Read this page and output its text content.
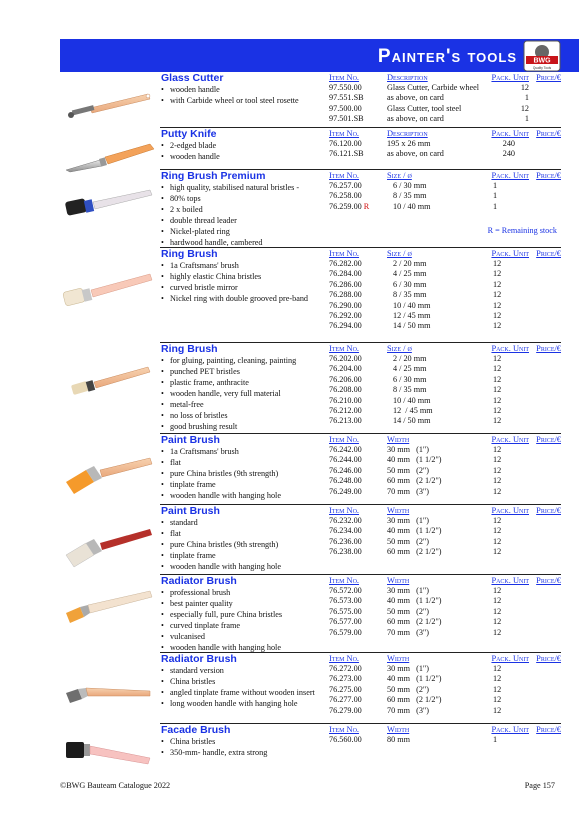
Painter's tools BWG
Quality Tools
Glass Cutter
• wooden handle
• with Carbide wheel or tool steel rosette
Item No.	Description	Pack. Unit	Price/€
97.550.00	Glass Cutter, Carbide wheel	12	
97.551.SB	as above, on card	1	
97.500.00	Glass Cutter, tool steel	12	
97.501.SB	as above, on card	1	
Putty Knife
• 2-edged blade
• wooden handle
Item No.	Description	Pack. Unit	Price/€
76.120.00	195 x 26 mm	240	
76.121.SB	as above, on card	240	
Ring Brush Premium
• high quality, stabilised natural bristles -
• 80% tops
• 2 x boiled
• double thread leader
• Nickel-plated ring
• hardwood handle, cambered
Item No.	Size / ø	Pack. Unit	Price/€
76.257.00	6 / 30 mm	1	
76.258.00	8 / 35 mm	1	
76.259.00 R	10 / 40 mm	1	
R = Remaining stock
Ring Brush
• 1a Craftsmans' brush
• highly elastic China bristles
• curved bristle mirror
• Nickel ring with double grooved pre-band
Item No.	Size / ø	Pack. Unit	Price/€
76.282.00	2 / 20 mm	12	
76.284.00	4 / 25 mm	12	
76.286.00	6 / 30 mm	12	
76.288.00	8 / 35 mm	12	
76.290.00	10 / 40 mm	12	
76.292.00	12 / 45 mm	12	
76.294.00	14 / 50 mm	12	
Ring Brush
• for gluing, painting, cleaning, painting
• punched PET bristles
• plastic frame, anthracite
• wooden handle, very full material
• metal-free
• no loss of bristles
• good brushing result
Item No.	Size / ø	Pack. Unit	Price/€
76.202.00	2 / 20 mm	12	
76.204.00	4 / 25 mm	12	
76.206.00	6 / 30 mm	12	
76.208.00	8 / 35 mm	12	
76.210.00	10 / 40 mm	12	
76.212.00	12  / 45 mm	12	
76.213.00	14 / 50 mm	12	
Paint Brush
• 1a Craftsmans' brush
• flat
• pure China bristles (9th strength)
• tinplate frame
• wooden handle with hanging hole
Item No.	Width	Pack. Unit	Price/€
76.242.00	30 mm   (1")	12	
76.244.00	40 mm   (1 1/2")	12	
76.246.00	50 mm   (2")	12	
76.248.00	60 mm   (2 1/2")	12	
76.249.00	70 mm   (3")	12	
Paint Brush
• standard
• flat
• pure China bristles (9th strength)
• tinplate frame
• wooden handle with hanging hole
Item No.	Width	Pack. Unit	Price/€
76.232.00	30 mm   (1")	12	
76.234.00	40 mm   (1 1/2")	12	
76.236.00	50 mm   (2")	12	
76.238.00	60 mm   (2 1/2")	12	
Radiator Brush
• professional brush
• best painter quality
• especially full, pure China bristles
• curved tinplate frame
• vulcanised
• wooden handle with hanging hole
Item No.	Width	Pack. Unit	Price/€
76.572.00	30 mm   (1")	12	
76.573.00	40 mm   (1 1/2")	12	
76.575.00	50 mm   (2")	12	
76.577.00	60 mm   (2 1/2")	12	
76.579.00	70 mm   (3")	12	
Radiator Brush
• standard version
• China bristles
• angled tinplate frame without wooden insert
• long wooden handle with hanging hole
Item No.	Width	Pack. Unit	Price/€
76.272.00	30 mm   (1")	12	
76.273.00	40 mm   (1 1/2")	12	
76.275.00	50 mm   (2")	12	
76.277.00	60 mm   (2 1/2")	12	
76.279.00	70 mm   (3")	12	
Facade Brush
• China bristles
• 350-mm- handle, extra strong
Item No.	Width	Pack. Unit	Price/€
76.560.00	80 mm	1	
©BWG Bauteam Catalogue 2022	Page 157
